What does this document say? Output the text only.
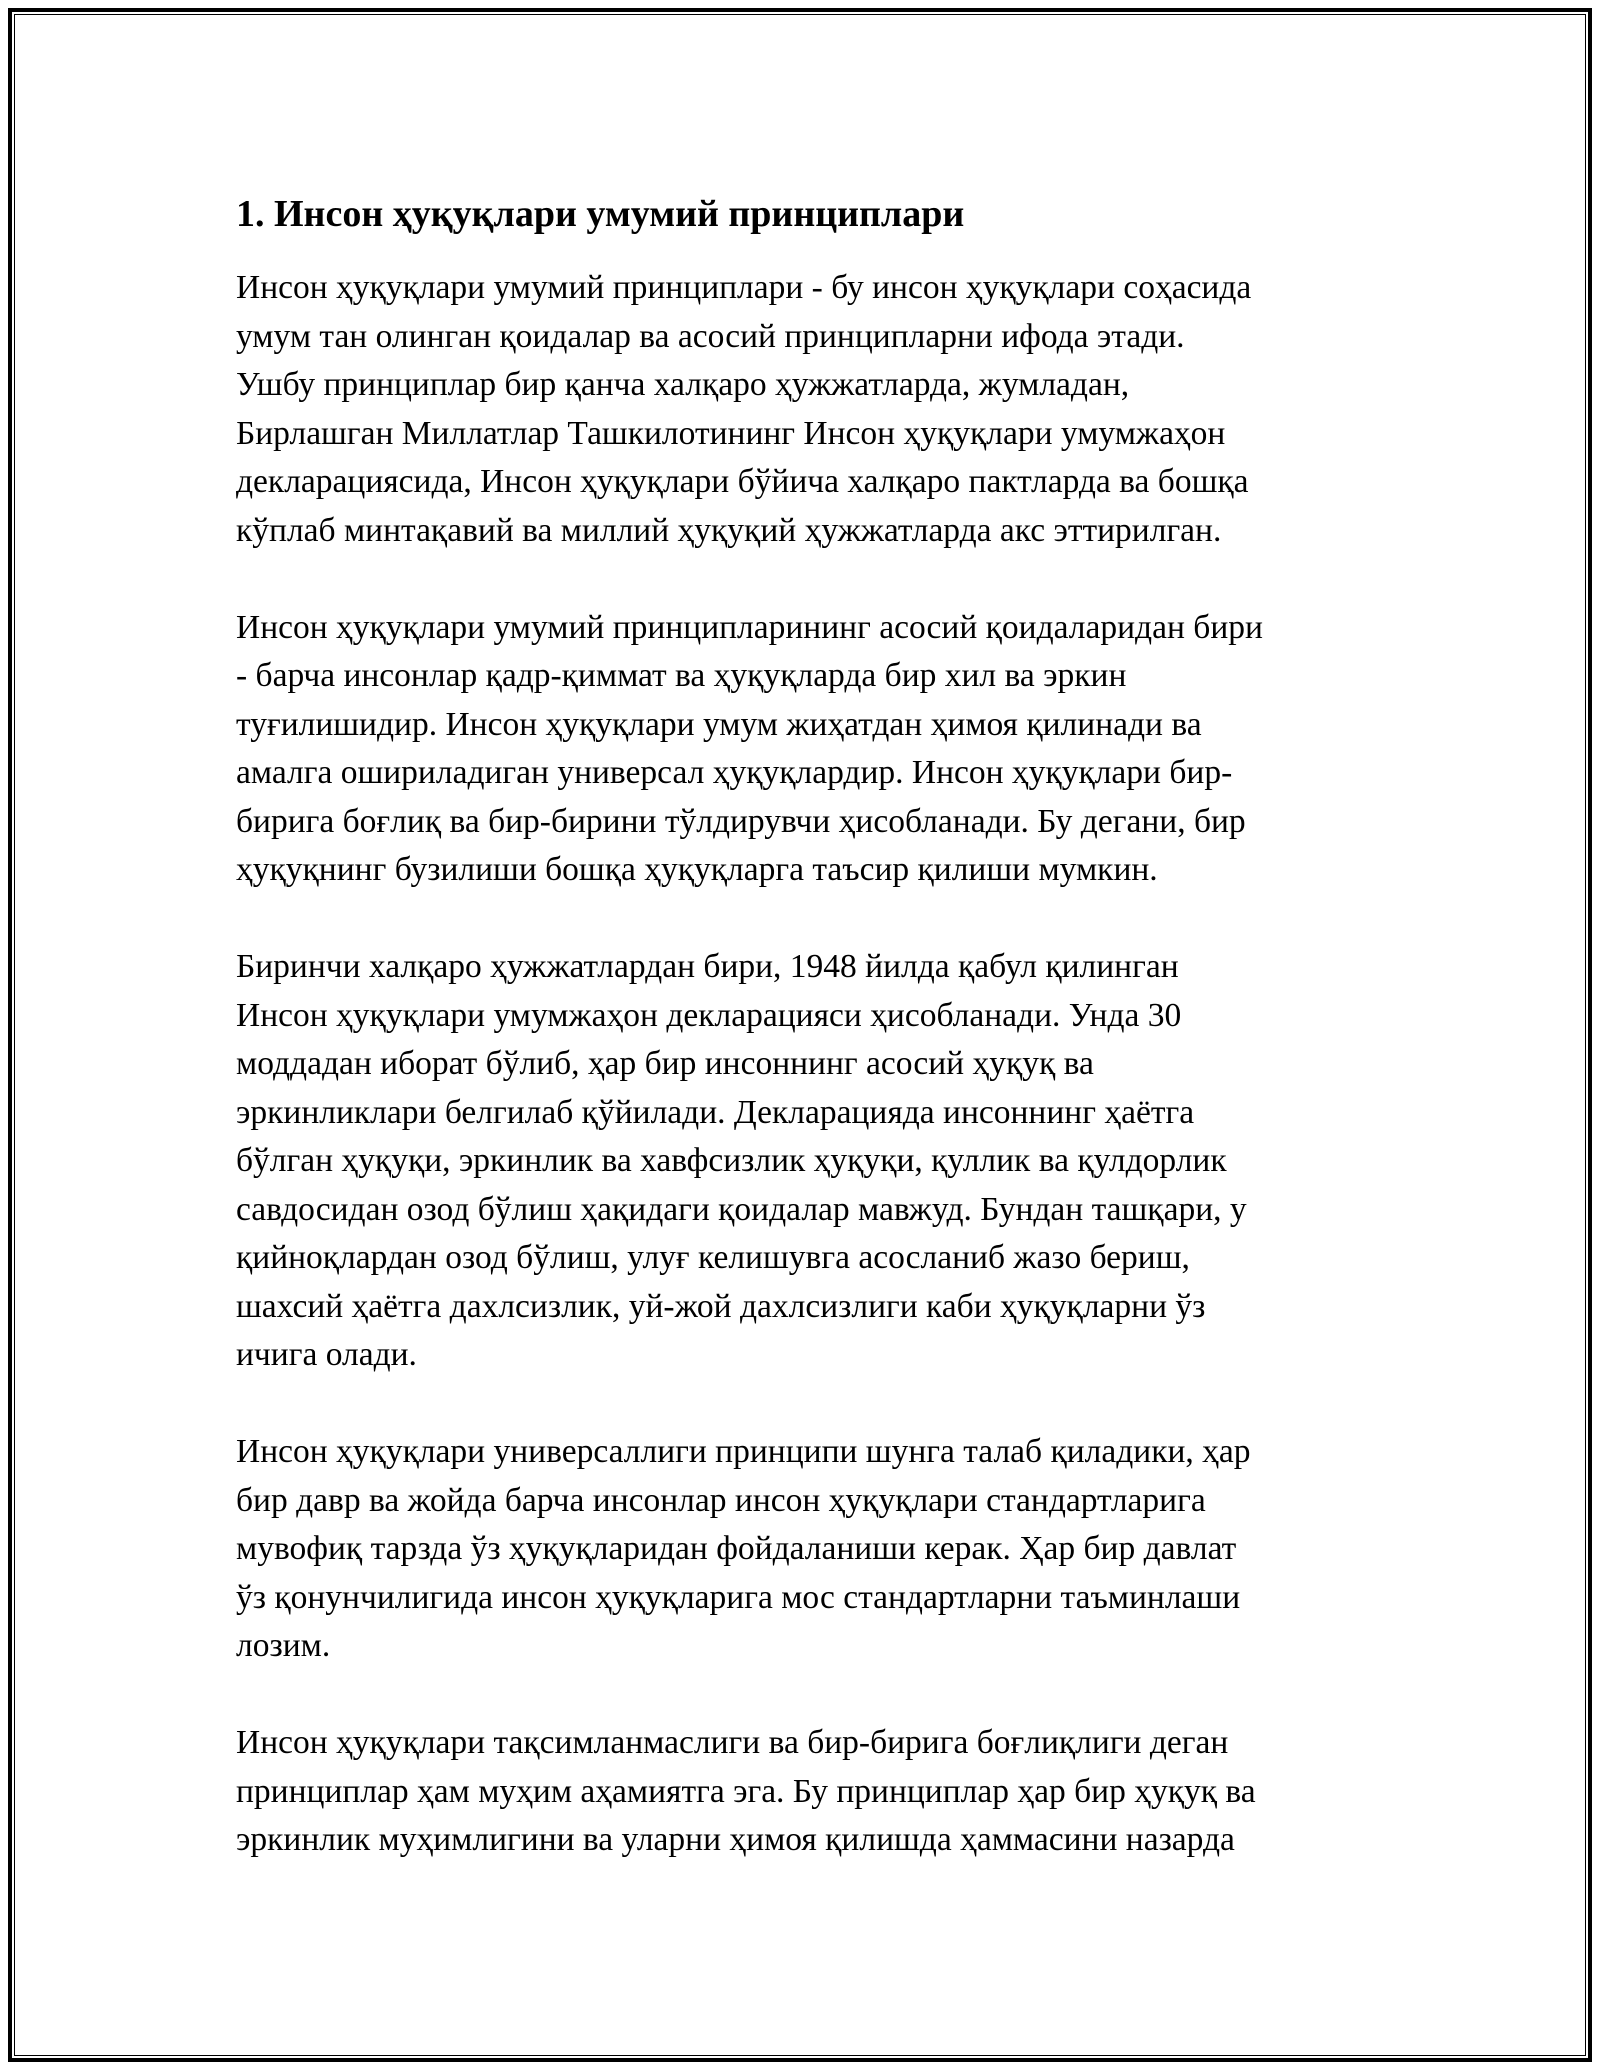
1. Инсон ҳуқуқлари умумий принциплари

Инсон ҳуқуқлари умумий принциплари - бу инсон ҳуқуқлари соҳасида
умум тан олинган қоидалар ва асосий принципларни ифода этади.
Ушбу принциплар бир қанча халқаро ҳужжатларда, жумладан,
Бирлашган Миллатлар Ташкилотининг Инсон ҳуқуқлари умумжаҳон
декларациясида, Инсон ҳуқуқлари бўйича халқаро пактларда ва бошқа
кўплаб минтақавий ва миллий ҳуқуқий ҳужжатларда акс эттирилган.

Инсон ҳуқуқлари умумий принципларининг асосий қоидаларидан бири
- барча инсонлар қадр-қиммат ва ҳуқуқларда бир хил ва эркин
туғилишидир. Инсон ҳуқуқлари умум жиҳатдан ҳимоя қилинади ва
амалга ошириладиган универсал ҳуқуқлардир. Инсон ҳуқуқлари бир-
бирига боғлиқ ва бир-бирини тўлдирувчи ҳисобланади. Бу дегани, бир
ҳуқуқнинг бузилиши бошқа ҳуқуқларга таъсир қилиши мумкин.

Биринчи халқаро ҳужжатлардан бири, 1948 йилда қабул қилинган
Инсон ҳуқуқлари умумжаҳон декларацияси ҳисобланади. Унда 30
моддадан иборат бўлиб, ҳар бир инсоннинг асосий ҳуқуқ ва
эркинликлари белгилаб қўйилади. Декларацияда инсоннинг ҳаётга
бўлган ҳуқуқи, эркинлик ва хавфсизлик ҳуқуқи, қуллик ва қулдорлик
савдосидан озод бўлиш ҳақидаги қоидалар мавжуд. Бундан ташқари, у
қийноқлардан озод бўлиш, улуғ келишувга асосланиб жазо бериш,
шахсий ҳаётга дахлсизлик, уй-жой дахлсизлиги каби ҳуқуқларни ўз
ичига олади.

Инсон ҳуқуқлари универсаллиги принципи шунга талаб қиладики, ҳар
бир давр ва жойда барча инсонлар инсон ҳуқуқлари стандартларига
мувофиқ тарзда ўз ҳуқуқларидан фойдаланиши керак. Ҳар бир давлат
ўз қонунчилигида инсон ҳуқуқларига мос стандартларни таъминлаши
лозим.

Инсон ҳуқуқлари тақсимланмаслиги ва бир-бирига боғлиқлиги деган
принциплар ҳам муҳим аҳамиятга эга. Бу принциплар ҳар бир ҳуқуқ ва
эркинлик муҳимлигини ва уларни ҳимоя қилишда ҳаммасини назарда
